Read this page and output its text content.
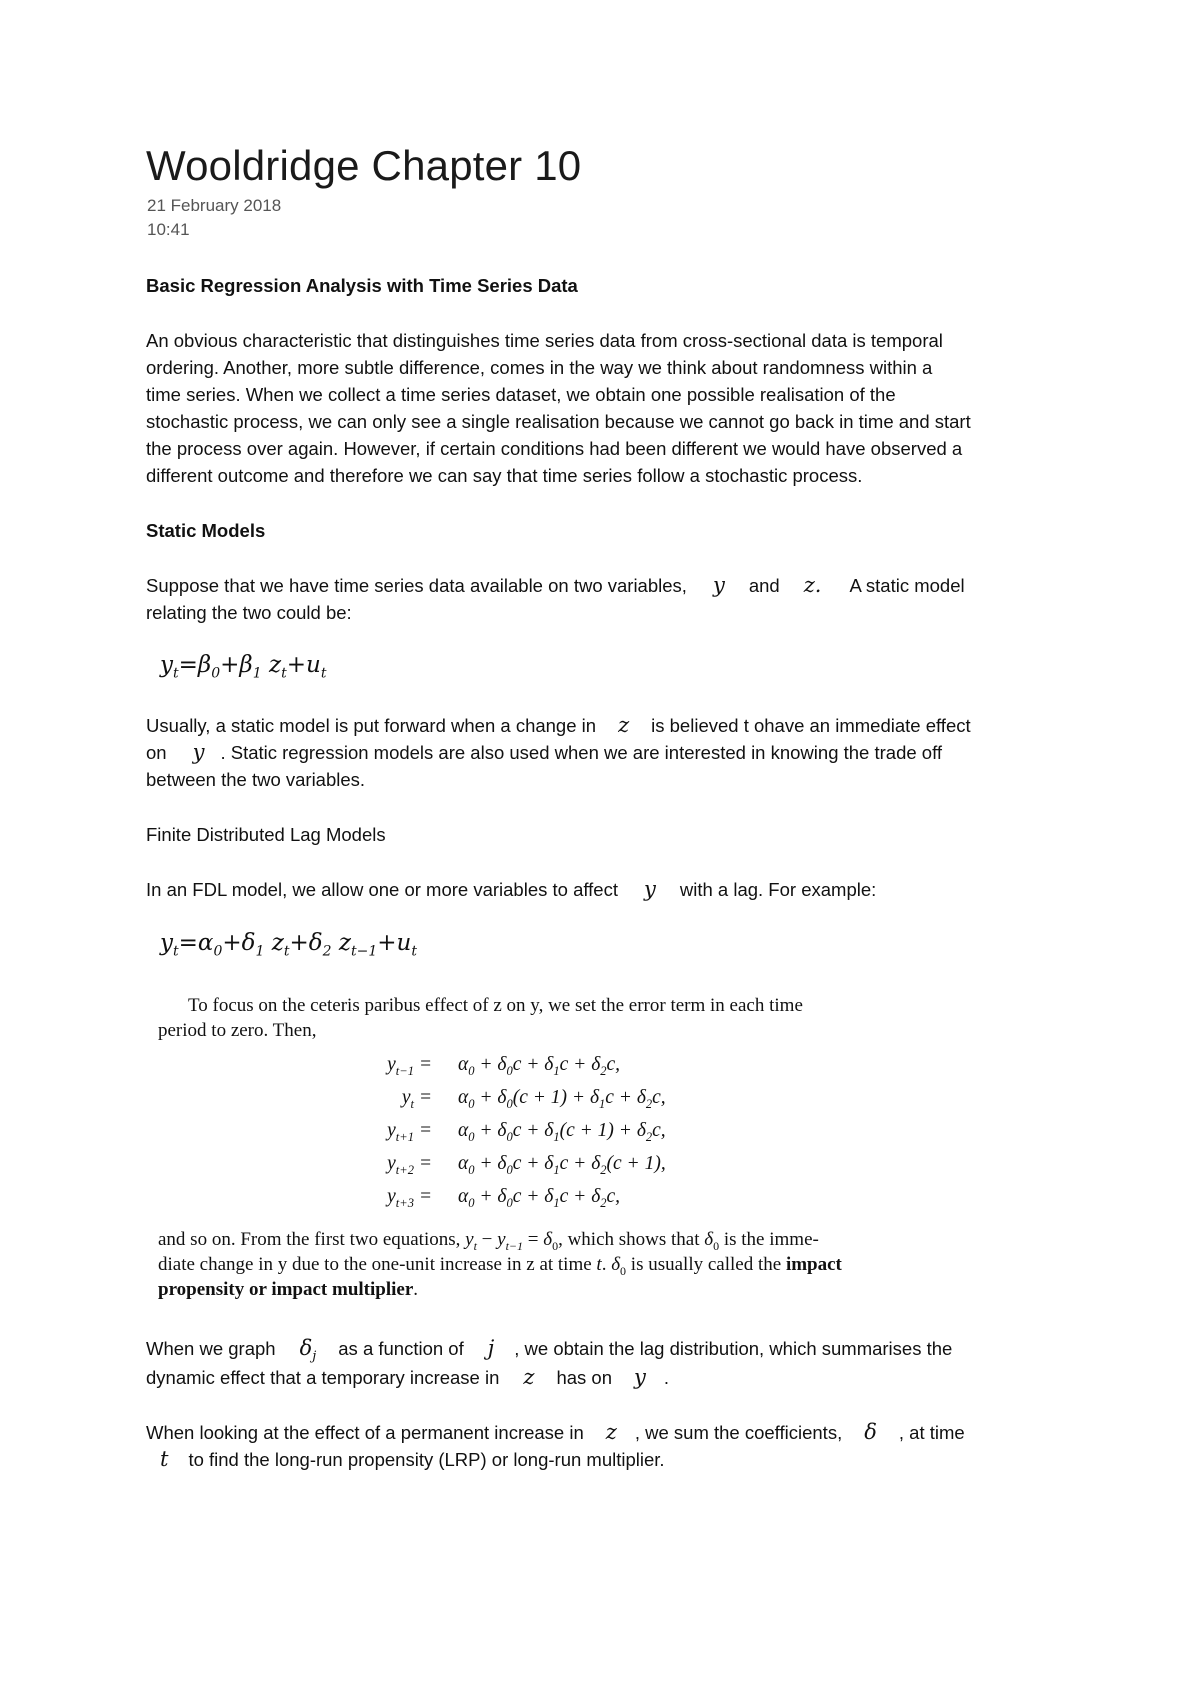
Wooldridge Chapter 10
21 February 2018
10:41
Basic Regression Analysis with Time Series Data
An obvious characteristic that distinguishes time series data from cross-sectional data is temporal
ordering. Another, more subtle difference, comes in the way we think about randomness within a
time series. When we collect a time series dataset, we obtain one possible realisation of the
stochastic process, we can only see a single realisation because we cannot go back in time and start
the process over again. However, if certain conditions had been different we would have observed a
different outcome and therefore we can say that time series follow a stochastic process.
Static Models
Suppose that we have time series data available on two variables, y and z. A static model
relating the two could be:
$y_t=\beta_0+\beta_1$ $z_t+u_t$
Usually, a static model is put forward when a change in z is believed t ohave an immediate effect
on y . Static regression models are also used when we are interested in knowing the trade off
between the two variables.
Finite Distributed Lag Models
In an FDL model, we allow one or more variables to affect y with a lag. For example:
$y_t=\alpha_0+\delta_1$ $z_t+\delta_2$ $z_{t-1}+u_t$
To focus on the ceteris paribus effect of z on y, we set the error term in each time
period to zero. Then,
$y_{t-1} = \alpha_0 + \delta_0c + \delta_1c + \delta_2c$,
$y_t = \alpha_0 + \delta_0(c + 1) + \delta_1c + \delta_2c$,
$y_{t+1} = \alpha_0 + \delta_0c + \delta_1(c + 1) + \delta_2c$,
$y_{t+2} = \alpha_0 + \delta_0c + \delta_1c + \delta_2(c + 1)$,
$y_{t+3} = \alpha_0 + \delta_0c + \delta_1c + \delta_2c$,
and so on. From the first two equations, $y_t - y_{t-1} = \delta_0$, which shows that $\delta_0$ is the imme-
diate change in y due to the one-unit increase in z at time t. $\delta_0$ is usually called the impact
propensity or impact multiplier.
When we graph $\delta_j$ as a function of j , we obtain the lag distribution, which summarises the
dynamic effect that a temporary increase in z has on y .
When looking at the effect of a permanent increase in z , we sum the coefficients, δ , at time
t to find the long-run propensity (LRP) or long-run multiplier.
